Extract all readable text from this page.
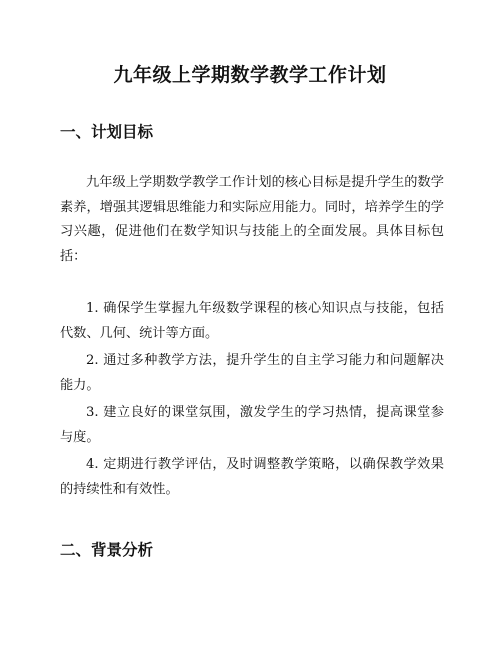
九年级上学期数学教学工作计划
一、计划目标

九年级上学期数学教学工作计划的核心目标是提升学生的数学素养，增强其逻辑思维能力和实际应用能力。同时，培养学生的学习兴趣，促进他们在数学知识与技能上的全面发展。具体目标包括：

1. 确保学生掌握九年级数学课程的核心知识点与技能，包括代数、几何、统计等方面。
2. 通过多种教学方法，提升学生的自主学习能力和问题解决能力。
3. 建立良好的课堂氛围，激发学生的学习热情，提高课堂参与度。
4. 定期进行教学评估，及时调整教学策略，以确保教学效果的持续性和有效性。
二、背景分析
